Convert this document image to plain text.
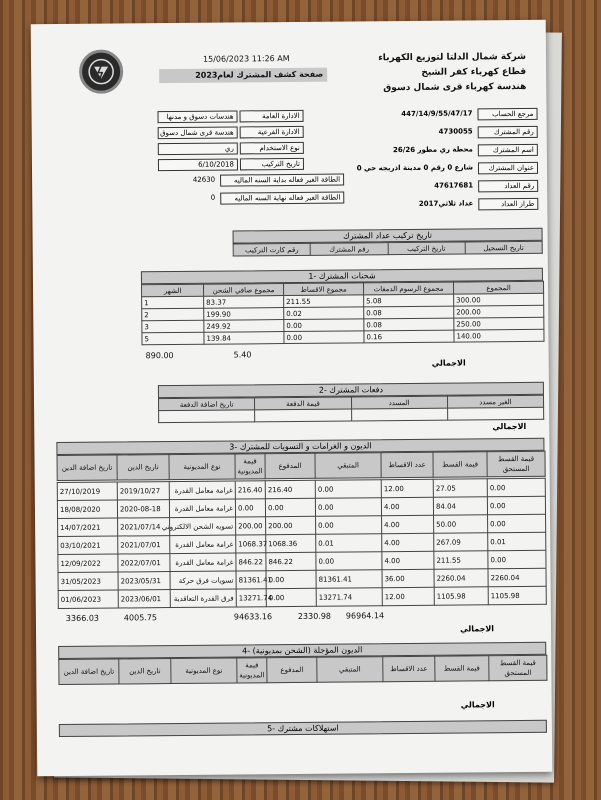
15/06/2023 11:26 AM	شركة شمال الدلتا لتوزيع الكهرباء
قطاع كهرباء كفر الشيخ
هندسة كهرباء قرى شمال دسوق
2023 صفحة كشف المشترك لعام
هندسات دسوق و مدنها	الادارة العامة
هندسة قرى شمال دسوق	الادارة الفرعية
ري	نوع الاستخدام
6/10/2018	تاريخ التركيب
42630	الطاقة الغير فعاله بداية السنه الماليه
0	الطاقة الغير فعاله نهاية السنه الماليه
مرجع الحساب
447/14/9/55/47/17
رقم المشترك
4730055
اسم المشترك
محطة ري مطور 26/26
عنوان المشترك
شارع 0 رقم 0 مدينة اذريجه حي 0
رقم العداد
47617681
طراز العداد
عداد ثلاثي2017
تاريخ تركيب عداد المشترك
رقم كارت التركيب	رقم المشترك	تاريخ التركيب	تاريخ التسجيل
شحنات المشترك -1
الشهر	مجموع صافي الشحن	مجموع الاقساط	مجموع الرسوم الدمغات	المجموع
1	83.37	211.55	5.08	300.00
2	199.90	0.02	0.08	200.00
3	249.92	0.00	0.08	250.00
5	139.84	0.00	0.16	140.00
890.00	5.40
الاجمالي
دفعات المشترك -2
تاريخ اضافة الدفعة	قيمة الدفعة	المسدد	الغير مسدد

الاجمالي
الديون و الغرامات و التسويات للمشترك -3
تاريخ اضافة الدين	تاريخ الدين	نوع المديونية	قيمة المديونية	المدفوع	المتبقي	عدد الاقساط	قيمة القسط	قيمة القسط المستحق
27/10/2019	2019/10/27	غرامة معامل القدرة	216.40	216.40	0.00	12.00	27.05	0.00
18/08/2020	2020-08-18	غرامة معامل القدرة	0.00	0.00	0.00	4.00	84.04	0.00
14/07/2021	2021/07/14	تسويه الشحن الالكتروني	200.00	200.00	0.00	4.00	50.00	0.00
03/10/2021	2021/07/01	غرامة معامل القدرة	1068.37	1068.36	0.01	4.00	267.09	0.01
12/09/2022	2022/07/01	غرامة معامل القدرة	846.22	846.22	0.00	4.00	211.55	0.00
31/05/2023	2023/05/31	تسويات فرق حركة	81361.41	0.00	81361.41	36.00	2260.04	2260.04
01/06/2023	2023/06/01	فرق القدرة التعاقدية	13271.74	0.00	13271.74	12.00	1105.98	1105.98
الاجمالي
3366.03	4005.75	94633.16	2330.98 96964.14
الديون المؤجلة (الشحن بمديونية) -4
تاريخ اضافة الدين	تاريخ الدين	نوع المديونية	قيمة المديونية	المدفوع	المتبقي	عدد الاقساط	قيمة القسط	قيمة القسط المستحق
الاجمالي
استهلاكات مشترك -5
